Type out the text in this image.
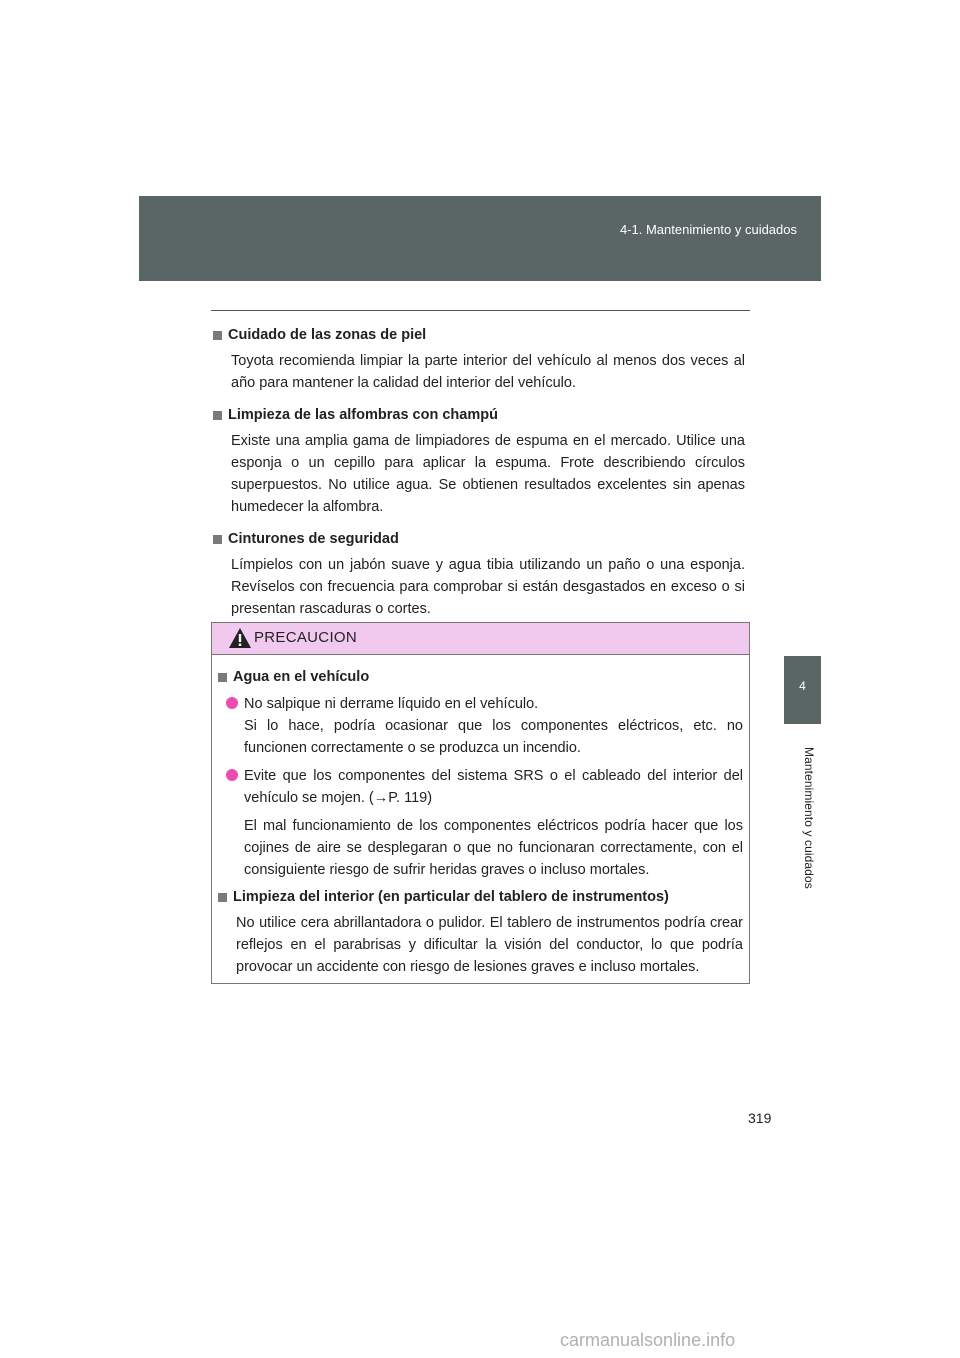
4-1. Mantenimiento y cuidados
4
Mantenimiento y cuidados

Cuidado de las zonas de piel

Toyota recomienda limpiar la parte interior del vehículo al menos dos veces al año para mantener la calidad del interior del vehículo.

Limpieza de las alfombras con champú

Existe una amplia gama de limpiadores de espuma en el mercado. Utilice una esponja o un cepillo para aplicar la espuma. Frote describiendo círculos superpuestos. No utilice agua. Se obtienen resultados excelentes sin apenas humedecer la alfombra.

Cinturones de seguridad

Límpielos con un jabón suave y agua tibia utilizando un paño o una esponja. Revíselos con frecuencia para comprobar si están desgastados en exceso o si presentan rascaduras o cortes.

PRECAUCION

Agua en el vehículo

No salpique ni derrame líquido en el vehículo.

Si lo hace, podría ocasionar que los componentes eléctricos, etc. no funcionen correctamente o se produzca un incendio.

Evite que los componentes del sistema SRS o el cableado del interior del vehículo se mojen. (→P. 119)

El mal funcionamiento de los componentes eléctricos podría hacer que los cojines de aire se desplegaran o que no funcionaran correctamente, con el consiguiente riesgo de sufrir heridas graves o incluso mortales.

Limpieza del interior (en particular del tablero de instrumentos)

No utilice cera abrillantadora o pulidor. El tablero de instrumentos podría crear reflejos en el parabrisas y dificultar la visión del conductor, lo que podría provocar un accidente con riesgo de lesiones graves e incluso mortales.

319
carmanualsonline.info
